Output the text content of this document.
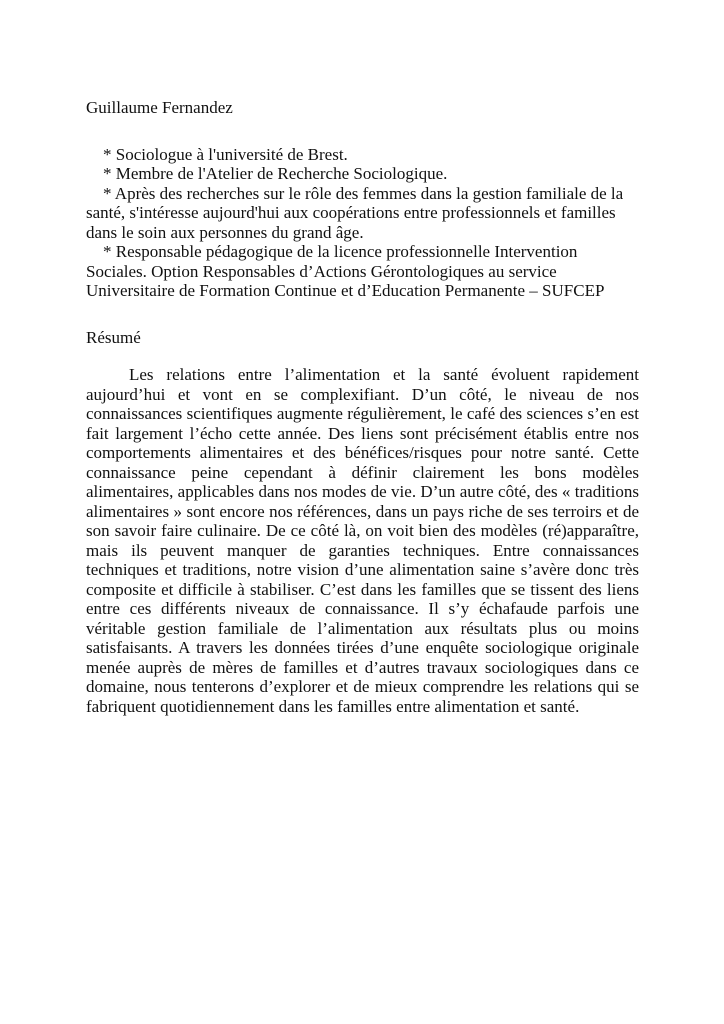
Guillaume Fernandez

* Sociologue à l'université de Brest.
* Membre de l'Atelier de Recherche Sociologique.
* Après des recherches sur le rôle des femmes dans la gestion familiale de la santé, s'intéresse aujourd'hui aux coopérations entre professionnels et familles dans le soin aux personnes du grand âge.
* Responsable pédagogique de la licence professionnelle Intervention Sociales. Option Responsables d’Actions Gérontologiques au service Universitaire de Formation Continue et d’Education Permanente – SUFCEP

Résumé

Les relations entre l’alimentation et la santé évoluent rapidement aujourd’hui et vont en se complexifiant. D’un côté, le niveau de nos connaissances scientifiques augmente régulièrement, le café des sciences s’en est fait largement l’écho cette année. Des liens sont précisément établis entre nos comportements alimentaires et des bénéfices/risques pour notre santé. Cette connaissance peine cependant à définir clairement les bons modèles alimentaires, applicables dans nos modes de vie. D’un autre côté, des « traditions alimentaires » sont encore nos références, dans un pays riche de ses terroirs et de son savoir faire culinaire. De ce côté là, on voit bien des modèles (ré)apparaître, mais ils peuvent manquer de garanties techniques. Entre connaissances techniques et traditions, notre vision d’une alimentation saine s’avère donc très composite et difficile à stabiliser. C’est dans les familles que se tissent des liens entre ces différents niveaux de connaissance. Il s’y échafaude parfois une véritable gestion familiale de l’alimentation aux résultats plus ou moins satisfaisants. A travers les données tirées d’une enquête sociologique originale menée auprès de mères de familles et d’autres travaux sociologiques dans ce domaine, nous tenterons d’explorer et de mieux comprendre les relations qui se fabriquent quotidiennement dans les familles entre alimentation et santé.
